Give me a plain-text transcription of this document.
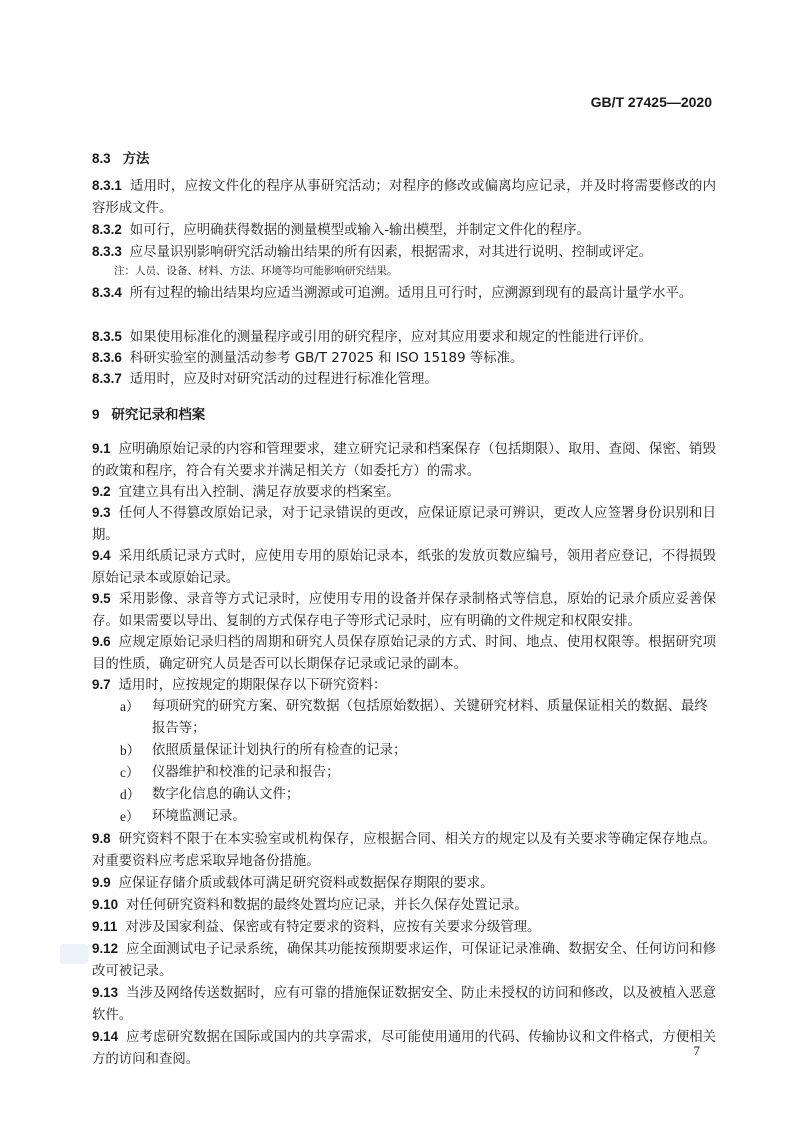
GB/T 27425—2020
8.3 方法
8.3.1 适用时，应按文件化的程序从事研究活动；对程序的修改或偏离均应记录，并及时将需要修改的内容形成文件。
8.3.2 如可行，应明确获得数据的测量模型或输入-输出模型，并制定文件化的程序。
8.3.3 应尽量识别影响研究活动输出结果的所有因素，根据需求，对其进行说明、控制或评定。
注：人员、设备、材料、方法、环境等均可能影响研究结果。
8.3.4 所有过程的输出结果均应适当溯源或可追溯。适用且可行时，应溯源到现有的最高计量学水平。
8.3.5 如果使用标准化的测量程序或引用的研究程序，应对其应用要求和规定的性能进行评价。
8.3.6 科研实验室的测量活动参考 GB/T 27025 和 ISO 15189 等标准。
8.3.7 适用时，应及时对研究活动的过程进行标准化管理。
9 研究记录和档案
9.1 应明确原始记录的内容和管理要求，建立研究记录和档案保存（包括期限）、取用、查阅、保密、销毁的政策和程序，符合有关要求并满足相关方（如委托方）的需求。
9.2 宜建立具有出入控制、满足存放要求的档案室。
9.3 任何人不得篡改原始记录，对于记录错误的更改，应保证原记录可辨识，更改人应签署身份识别和日期。
9.4 采用纸质记录方式时，应使用专用的原始记录本，纸张的发放页数应编号，领用者应登记，不得损毁原始记录本或原始记录。
9.5 采用影像、录音等方式记录时，应使用专用的设备并保存录制格式等信息，原始的记录介质应妥善保存。如果需要以导出、复制的方式保存电子等形式记录时，应有明确的文件规定和权限安排。
9.6 应规定原始记录归档的周期和研究人员保存原始记录的方式、时间、地点、使用权限等。根据研究项目的性质，确定研究人员是否可以长期保存记录或记录的副本。
9.7 适用时，应按规定的期限保存以下研究资料：
a） 每项研究的研究方案、研究数据（包括原始数据）、关键研究材料、质量保证相关的数据、最终报告等；
b） 依照质量保证计划执行的所有检查的记录；
c） 仪器维护和校准的记录和报告；
d） 数字化信息的确认文件；
e） 环境监测记录。
9.8 研究资料不限于在本实验室或机构保存，应根据合同、相关方的规定以及有关要求等确定保存地点。对重要资料应考虑采取异地备份措施。
9.9 应保证存储介质或载体可满足研究资料或数据保存期限的要求。
9.10 对任何研究资料和数据的最终处置均应记录，并长久保存处置记录。
9.11 对涉及国家利益、保密或有特定要求的资料，应按有关要求分级管理。
9.12 应全面测试电子记录系统，确保其功能按预期要求运作，可保证记录准确、数据安全、任何访问和修改可被记录。
9.13 当涉及网络传送数据时，应有可靠的措施保证数据安全、防止未授权的访问和修改，以及被植入恶意软件。
9.14 应考虑研究数据在国际或国内的共享需求，尽可能使用通用的代码、传输协议和文件格式，方便相关方的访问和查阅。
7
